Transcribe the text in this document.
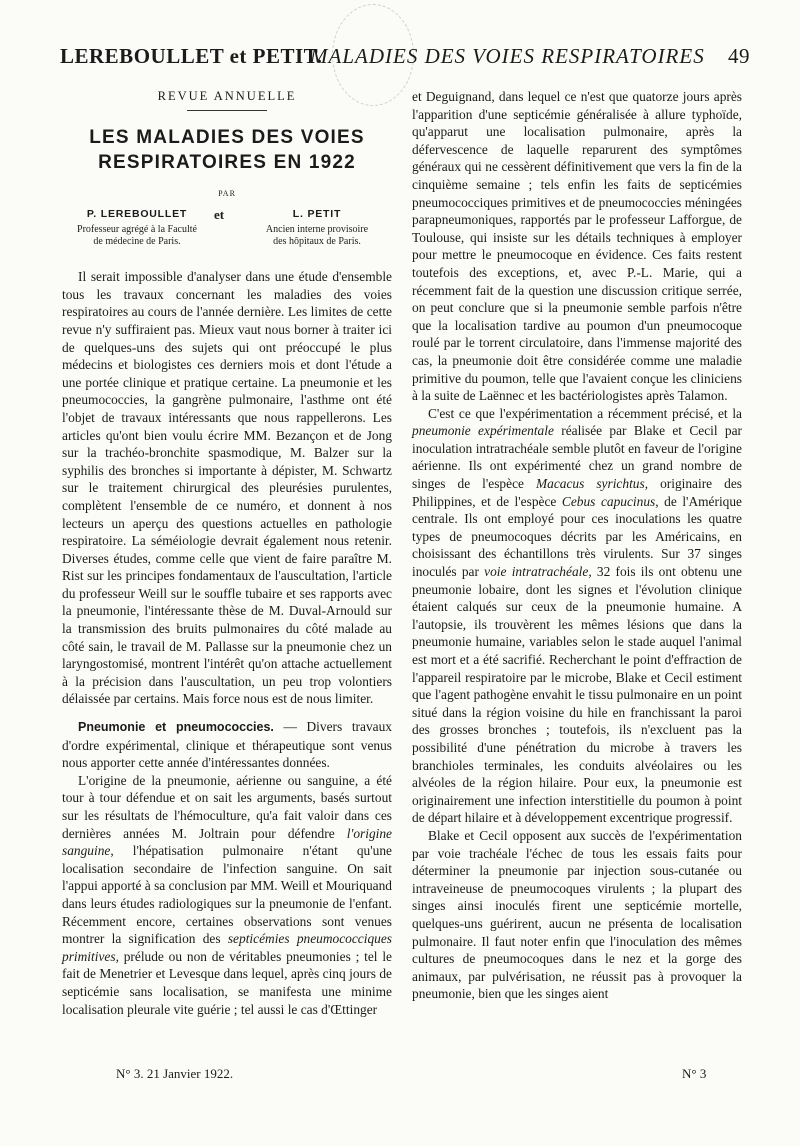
LEREBOULLET et PETIT.
MALADIES DES VOIES RESPIRATOIRES 49
REVUE ANNUELLE
LES MALADIES DES VOIES
RESPIRATOIRES EN 1922
PAR
P. LEREBOULLET
Professeur agrégé à la Faculté
de médecine de Paris.
et	L. PETIT
Ancien interne provisoire
des hôpitaux de Paris.

Il serait impossible d'analyser dans une étude d'ensemble tous les travaux concernant les maladies des voies respiratoires au cours de l'année dernière. Les limites de cette revue n'y suffiraient pas. Mieux vaut nous borner à traiter ici de quelques-uns des sujets qui ont préoccupé le plus médecins et biologistes ces derniers mois et dont l'étude a une portée clinique et pratique certaine. La pneumonie et les pneumococcies, la gangrène pulmonaire, l'asthme ont été l'objet de travaux intéressants que nous rappellerons. Les articles qu'ont bien voulu écrire MM. Bezançon et de Jong sur la trachéo-bronchite spasmodique, M. Balzer sur la syphilis des bronches si importante à dépister, M. Schwartz sur le traitement chirurgical des pleurésies purulentes, complètent l'ensemble de ce numéro, et donnent à nos lecteurs un aperçu des questions actuelles en pathologie respiratoire. La séméiologie devrait également nous retenir. Diverses études, comme celle que vient de faire paraître M. Rist sur les principes fondamentaux de l'auscultation, l'article du professeur Weill sur le souffle tubaire et ses rapports avec la pneumonie, l'intéressante thèse de M. Duval-Arnould sur la transmission des bruits pulmonaires du côté malade au côté sain, le travail de M. Pallasse sur la pneumonie chez un laryngostomisé, montrent l'intérêt qu'on attache actuellement à la précision dans l'auscultation, un peu trop volontiers délaissée par certains. Mais force nous est de nous limiter.

Pneumonie et pneumococcies. — Divers travaux d'ordre expérimental, clinique et thérapeutique sont venus nous apporter cette année d'intéressantes données.

L'origine de la pneumonie, aérienne ou sanguine, a été tour à tour défendue et on sait les arguments, basés surtout sur les résultats de l'hémoculture, qu'a fait valoir dans ces dernières années M. Joltrain pour défendre l'origine sanguine, l'hépatisation pulmonaire n'étant qu'une localisation secondaire de l'infection sanguine. On sait l'appui apporté à sa conclusion par MM. Weill et Mouriquand dans leurs études radiologiques sur la pneumonie de l'enfant. Récemment encore, certaines observations sont venues montrer la signification des septicémies pneumococciques primitives, prélude ou non de véritables pneumonies ; tel le fait de Menetrier et Levesque dans lequel, après cinq jours de septicémie sans localisation, se manifesta une minime localisation pleurale vite guérie ; tel aussi le cas d'Œttinger

et Deguignand, dans lequel ce n'est que quatorze jours après l'apparition d'une septicémie généralisée à allure typhoïde, qu'apparut une localisation pulmonaire, après la défervescence de laquelle reparurent des symptômes généraux qui ne cessèrent définitivement que vers la fin de la cinquième semaine ; tels enfin les faits de septicémies pneumococciques primitives et de pneumococcies méningées parapneumoniques, rapportés par le professeur Lafforgue, de Toulouse, qui insiste sur les détails techniques à employer pour mettre le pneumocoque en évidence. Ces faits restent toutefois des exceptions, et, avec P.-L. Marie, qui a récemment fait de la question une discussion critique serrée, on peut conclure que si la pneumonie semble parfois n'être que la localisation tardive au poumon d'un pneumocoque roulé par le torrent circulatoire, dans l'immense majorité des cas, la pneumonie doit être considérée comme une maladie primitive du poumon, telle que l'avaient conçue les cliniciens à la suite de Laënnec et les bactériologistes après Talamon.

C'est ce que l'expérimentation a récemment précisé, et la pneumonie expérimentale réalisée par Blake et Cecil par inoculation intratrachéale semble plutôt en faveur de l'origine aérienne. Ils ont expérimenté chez un grand nombre de singes de l'espèce Macacus syrichtus, originaire des Philippines, et de l'espèce Cebus capucinus, de l'Amérique centrale. Ils ont employé pour ces inoculations les quatre types de pneumocoques décrits par les Américains, en choisissant des échantillons très virulents. Sur 37 singes inoculés par voie intratrachéale, 32 fois ils ont obtenu une pneumonie lobaire, dont les signes et l'évolution clinique étaient calqués sur ceux de la pneumonie humaine. A l'autopsie, ils trouvèrent les mêmes lésions que dans la pneumonie humaine, variables selon le stade auquel l'animal est mort et a été sacrifié. Recherchant le point d'effraction de l'appareil respiratoire par le microbe, Blake et Cecil estiment que l'agent pathogène envahit le tissu pulmonaire en un point situé dans la région voisine du hile en franchissant la paroi des grosses bronches ; toutefois, ils n'excluent pas la possibilité d'une pénétration du microbe à travers les branchioles terminales, les conduits alvéolaires ou les alvéoles de la région hilaire. Pour eux, la pneumonie est originairement une infection interstitielle du poumon à point de départ hilaire et à développement excentrique progressif.

Blake et Cecil opposent aux succès de l'expérimentation par voie trachéale l'échec de tous les essais faits pour déterminer la pneumonie par injection sous-cutanée ou intraveineuse de pneumocoques virulents ; la plupart des singes ainsi inoculés firent une septicémie mortelle, quelques-uns guérirent, aucun ne présenta de localisation pulmonaire. Il faut noter enfin que l'inoculation des mêmes cultures de pneumocoques dans le nez et la gorge des animaux, par pulvérisation, ne réussit pas à provoquer la pneumonie, bien que les singes aient

N° 3. 21 Janvier 1922.	N° 3
